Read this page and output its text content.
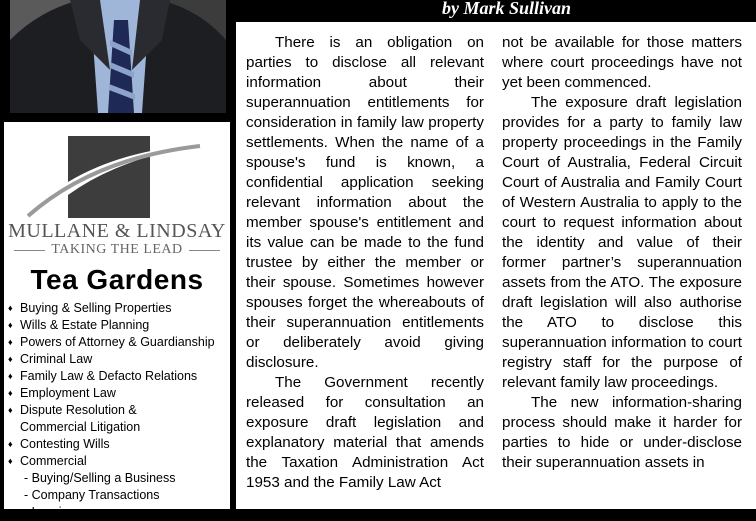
MULLANE & LINDSAY
TAKING THE LEAD
Tea Gardens
♦ Buying & Selling Properties
♦ Wills & Estate Planning
♦ Powers of Attorney & Guardianship
♦ Criminal Law
♦ Family Law & Defacto Relations
♦ Employment Law
♦ Dispute Resolution &
Commercial Litigation
♦ Contesting Wills
♦ Commercial
- Buying/Selling a Business
- Company Transactions
- Leasing
by Mark Sullivan

There is an obligation on parties to disclose all relevant information about their superannuation entitlements for consideration in family law property settlements. When the name of a spouse's fund is known, a confidential application seeking relevant information about the member spouse's entitlement and its value can be made to the fund trustee by either the member or their spouse. Sometimes however spouses forget the whereabouts of their superannuation entitlements or deliberately avoid giving disclosure.

The Government recently released for consultation an exposure draft legislation and explanatory material that amends the Taxation Administration Act 1953 and the Family Law Act

not be available for those matters where court proceedings have not yet been commenced.

The exposure draft legislation provides for a party to family law property proceedings in the Family Court of Australia, Federal Circuit Court of Australia and Family Court of Western Australia to apply to the court to request information about the identity and value of their former partner’s superannuation assets from the ATO. The exposure draft legislation will also authorise the ATO to disclose this superannuation information to court registry staff for the purpose of relevant family law proceedings.

The new information-sharing process should make it harder for parties to hide or under-disclose their superannuation assets in
